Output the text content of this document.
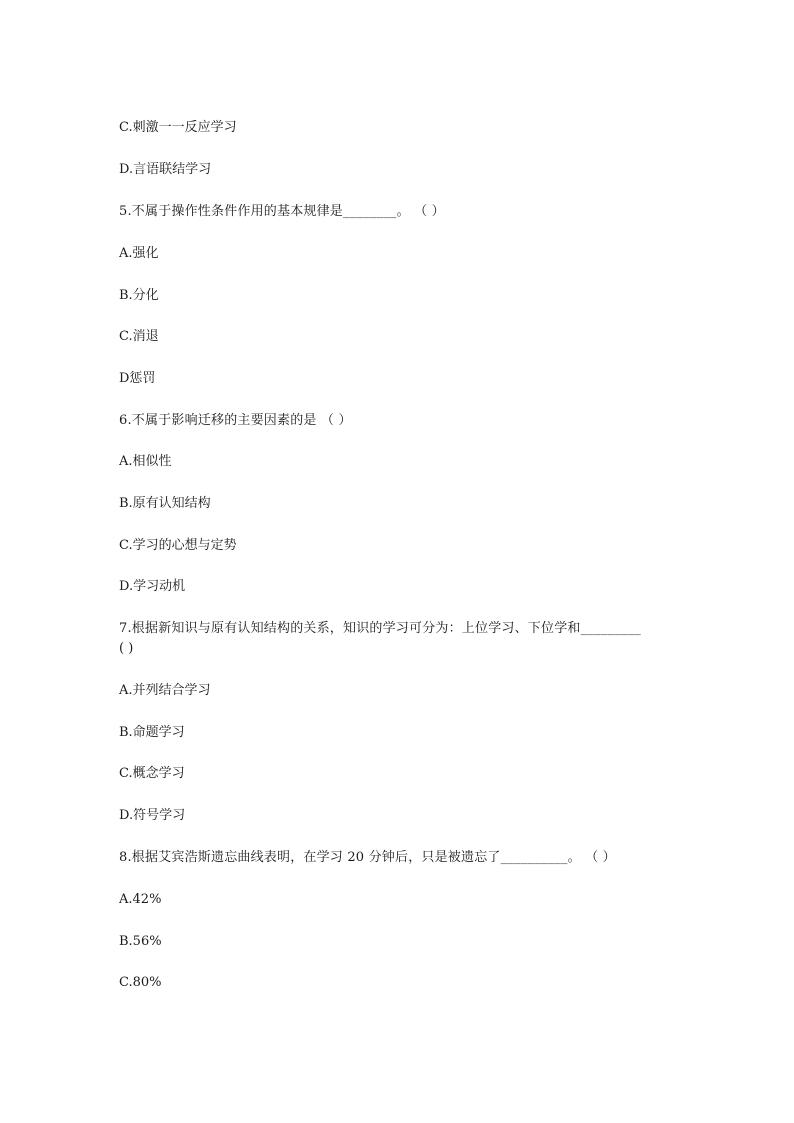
C.刺激一一反应学习
D.言语联结学习
5.不属于操作性条件作用的基本规律是________。 （ ）
A.强化
B.分化
C.消退
D惩罚
6.不属于影响迁移的主要因素的是 （ ）
A.相似性
B.原有认知结构
C.学习的心想与定势
D.学习动机
7.根据新知识与原有认知结构的关系，知识的学习可分为：上位学习、下位学和_________
( )
A.并列结合学习
B.命题学习
C.概念学习
D.符号学习
8.根据艾宾浩斯遗忘曲线表明，在学习 20 分钟后，只是被遗忘了__________。 （ ）
A.42%
B.56%
C.80%
